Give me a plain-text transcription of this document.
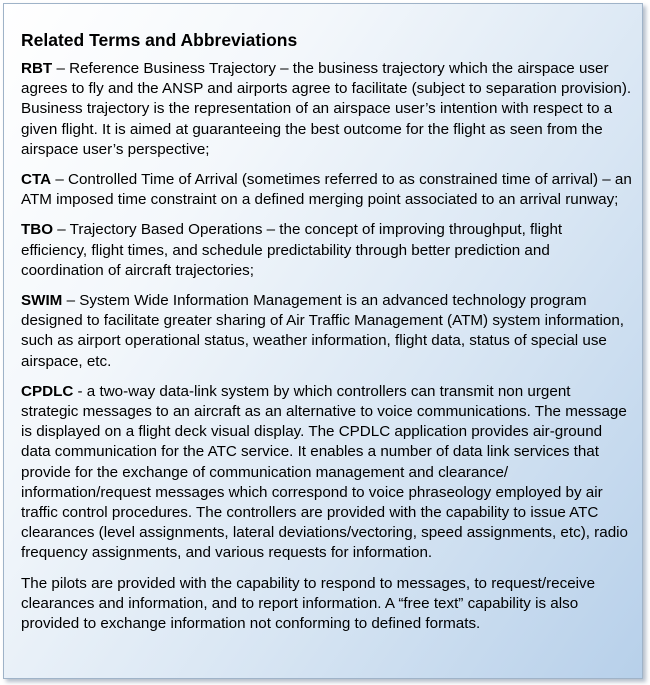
Related Terms and Abbreviations

RBT – Reference Business Trajectory – the business trajectory which the airspace user agrees to fly and the ANSP and airports agree to facilitate (subject to separation provision). Business trajectory is the representation of an airspace user’s intention with respect to a given flight. It is aimed at guaranteeing the best outcome for the flight as seen from the airspace user’s perspective;

CTA – Controlled Time of Arrival (sometimes referred to as constrained time of arrival) – an ATM imposed time constraint on a defined merging point associated to an arrival runway;

TBO – Trajectory Based Operations – the concept of improving throughput, flight efficiency, flight times, and schedule predictability through better prediction and coordination of aircraft trajectories;

SWIM – System Wide Information Management is an advanced technology program designed to facilitate greater sharing of Air Traffic Management (ATM) system information, such as airport operational status, weather information, flight data, status of special use airspace, etc.

CPDLC - a two-way data-link system by which controllers can transmit non urgent strategic messages to an aircraft as an alternative to voice communications. The message is displayed on a flight deck visual display. The CPDLC application provides air-ground data communication for the ATC service. It enables a number of data link services that provide for the exchange of communication management and clearance/ information/request messages which correspond to voice phraseology employed by air traffic control procedures. The controllers are provided with the capability to issue ATC clearances (level assignments, lateral deviations/vectoring, speed assignments, etc), radio frequency assignments, and various requests for information.

The pilots are provided with the capability to respond to messages, to request/receive clearances and information, and to report information. A “free text” capability is also provided to exchange information not conforming to defined formats.
